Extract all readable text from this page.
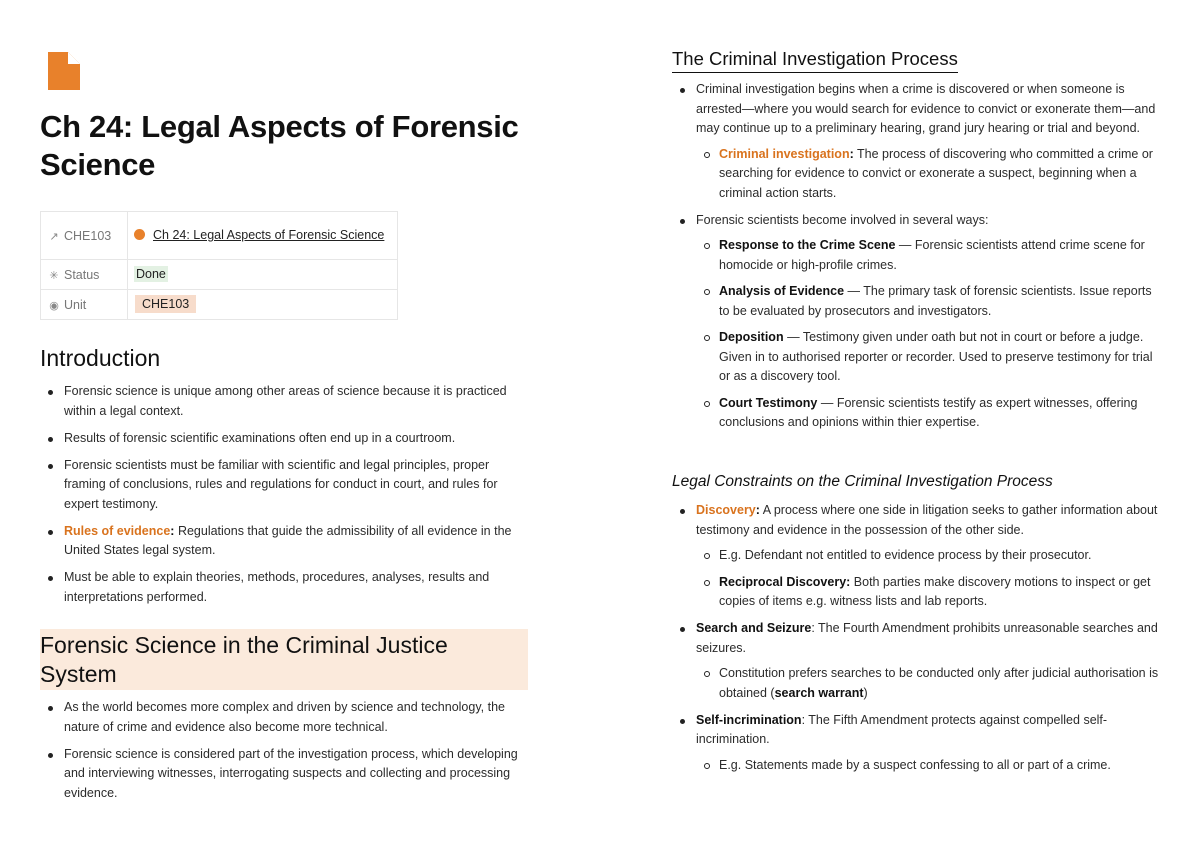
Ch 24: Legal Aspects of Forensic Science
↗ CHE103	Ch 24: Legal Aspects of Forensic Science
✳ Status	Done
◉ Unit	CHE103
Introduction
Forensic science is unique among other areas of science because it is practiced within a legal context.
Results of forensic scientific examinations often end up in a courtroom.
Forensic scientists must be familiar with scientific and legal principles, proper framing of conclusions, rules and regulations for conduct in court, and rules for expert testimony.
Rules of evidence: Regulations that guide the admissibility of all evidence in the United States legal system.
Must be able to explain theories, methods, procedures, analyses, results and interpretations performed.
Forensic Science in the Criminal Justice System
As the world becomes more complex and driven by science and technology, the nature of crime and evidence also become more technical.
Forensic science is considered part of the investigation process, which developing and interviewing witnesses, interrogating suspects and collecting and processing evidence.
The Criminal Investigation Process
Criminal investigation begins when a crime is discovered or when someone is arrested—where you would search for evidence to convict or exonerate them—and may continue up to a preliminary hearing, grand jury hearing or trial and beyond.
Criminal investigation: The process of discovering who committed a crime or searching for evidence to convict or exonerate a suspect, beginning when a criminal action starts.
Forensic scientists become involved in several ways:
Response to the Crime Scene — Forensic scientists attend crime scene for homocide or high-profile crimes.
Analysis of Evidence — The primary task of forensic scientists. Issue reports to be evaluated by prosecutors and investigators.
Deposition — Testimony given under oath but not in court or before a judge. Given in to authorised reporter or recorder. Used to preserve testimony for trial or as a discovery tool.
Court Testimony — Forensic scientists testify as expert witnesses, offering conclusions and opinions within thier expertise.
Legal Constraints on the Criminal Investigation Process
Discovery: A process where one side in litigation seeks to gather information about testimony and evidence in the possession of the other side.
E.g. Defendant not entitled to evidence process by their prosecutor.
Reciprocal Discovery: Both parties make discovery motions to inspect or get copies of items e.g. witness lists and lab reports.
Search and Seizure: The Fourth Amendment prohibits unreasonable searches and seizures.
Constitution prefers searches to be conducted only after judicial authorisation is obtained (search warrant)
Self-incrimination: The Fifth Amendment protects against compelled self-incrimination.
E.g. Statements made by a suspect confessing to all or part of a crime.
